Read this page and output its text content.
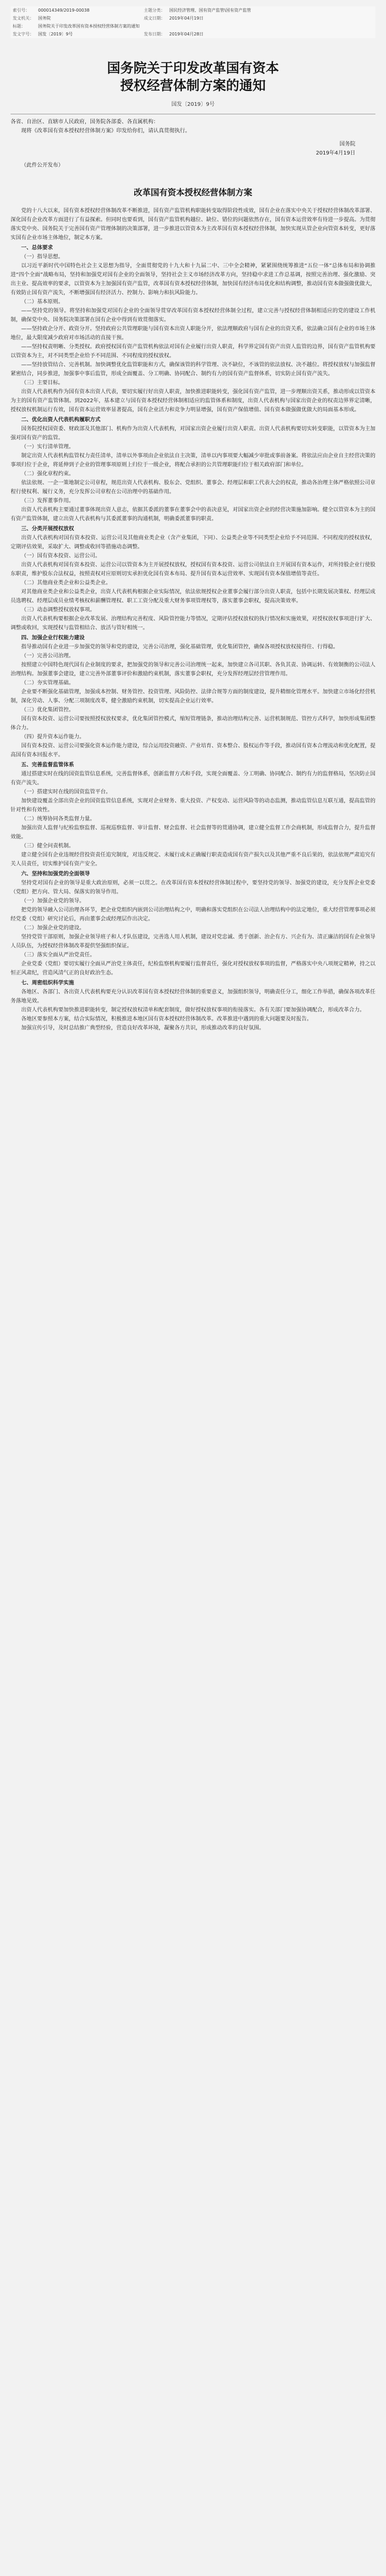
索引号：	000014349/2019-00038	主题分类：	国民经济管理、国有资产监管\国有资产监管
发文机关：	国务院	成文日期：	2019年04月19日
标题：	国务院关于印发改革国有资本授权经营体制方案的通知		
发文字号：	国发〔2019〕9号	发布日期：	2019年04月28日
国务院关于印发改革国有资本
授权经营体制方案的通知
国发〔2019〕9号
各省、自治区、直辖市人民政府，国务院各部委、各直属机构：
现将《改革国有资本授权经营体制方案》印发给你们，请认真贯彻执行。
国务院
2019年4月19日
（此件公开发布）
改革国有资本授权经营体制方案
党的十八大以来，国有资本授权经营体制改革不断推进，国有资产监管机构职能转变取得阶段性成效，国有企业在落实中央关于授权经营体制改革部署、深化国有企业改革方面进行了有益探索。但同时也要看到，国有资产监管机构越位、缺位、错位的问题依然存在，国有资本运营效率有待进一步提高。为贯彻落实党中央、国务院关于完善国有资产管理体制的决策部署，进一步推进以管资本为主改革国有资本授权经营体制，加快实现从管企业向管资本转变，更好落实国有企业市场主体地位，制定本方案。
一、总体要求
（一）指导思想。
以习近平新时代中国特色社会主义思想为指导，全面贯彻党的十九大和十九届二中、三中全会精神，紧紧围绕统筹推进“五位一体”总体布局和协调推进“四个全面”战略布局，坚持和加强党对国有企业的全面领导，坚持社会主义市场经济改革方向，坚持稳中求进工作总基调，按照完善治理、强化激励、突出主业、提高效率的要求，以管资本为主加强国有资产监管，改革国有资本授权经营体制，加快国有经济布局优化和结构调整，推动国有资本做强做优做大，有效防止国有资产流失，不断增强国有经济活力、控制力、影响力和抗风险能力。
（二）基本原则。
——坚持党的领导。将坚持和加强党对国有企业的全面领导贯穿改革国有资本授权经营体制全过程，建立完善与授权经营体制相适应的党的建设工作机制，确保党中央、国务院决策部署在国有企业中得到有效贯彻落实。
——坚持政企分开、政资分开。坚持政府公共管理职能与国有资本出资人职能分开，依法理顺政府与国有企业的出资关系，依法确立国有企业的市场主体地位，最大限度减少政府对市场活动的直接干预。
——坚持权责明晰、分类授权。政府授权国有资产监管机构依法对国有企业履行出资人职责，科学界定国有资产出资人监管的边界，国有资产监管机构要以管资本为主，对不同类型企业给予不同范围、不同程度的授权放权。
——坚持放管结合、完善机制。加快调整优化监管职能和方式，确保该管的科学管理、决不缺位，不该管的依法放权、决不越位。将授权放权与加强监督紧密结合，同步推进，加强事中事后监管，形成全面覆盖、分工明确、协同配合、制约有力的国有资产监督体系，切实防止国有资产流失。
（三）主要目标。
出资人代表机构作为国有资本出资人代表，要切实履行好出资人职责，加快推进职能转变，强化国有资产监管，进一步理顺出资关系，推动形成以管资本为主的国有资产监管体制。到2022年，基本建立与国有资本授权经营体制相适应的监管体系和制度，出资人代表机构与国家出资企业的权责边界界定清晰，授权放权机制运行有效，国有资本运营效率显著提高，国有企业活力和竞争力明显增强，国有资产保值增值、国有资本做强做优做大的局面基本形成。
二、优化出资人代表机构履职方式
国务院授权国资委、财政部及其他部门、机构作为出资人代表机构，对国家出资企业履行出资人职责。出资人代表机构要切实转变职能，以管资本为主加强对国有资产的监管。
（一）实行清单管理。
制定出资人代表机构监管权力责任清单，清单以外事项由企业依法自主决策，清单以内事项要大幅减少审批或事前备案。将依法应由企业自主经营决策的事项归位于企业，将延伸到子企业的管理事项原则上归位于一级企业，将配合承担的公共管理职能归位于相关政府部门和单位。
（二）强化章程约束。
依法依规、一企一策地制定公司章程，规范出资人代表机构、股东会、党组织、董事会、经理层和职工代表大会的权责，推动各治理主体严格依照公司章程行使权利、履行义务，充分发挥公司章程在公司治理中的基础作用。
（三）发挥董事作用。
出资人代表机构主要通过董事体现出资人意志，依据其委派的董事在董事会中的表决意见，对国家出资企业的经营决策施加影响。健全以管资本为主的国有资产监管体制，建立出资人代表机构与其委派董事的沟通机制，明确委派董事的职责。
三、分类开展授权放权
出资人代表机构对国有资本投资、运营公司及其他商业类企业（含产业集团，下同）、公益类企业等不同类型企业给予不同范围、不同程度的授权放权，定期评估效果，采取扩大、调整或收回等措施动态调整。
（一）国有资本投资、运营公司。
出资人代表机构对国有资本投资、运营公司以管资本为主开展授权放权，授权国有资本投资、运营公司依法自主开展国有资本运作，对所持股企业行使股东职责，维护股东合法权益，按照责权对应原则切实承担优化国有资本布局、提升国有资本运营效率、实现国有资本保值增值等责任。
（二）其他商业类企业和公益类企业。
对其他商业类企业和公益类企业，出资人代表机构根据企业实际情况，依法依规授权企业董事会履行部分出资人职责，包括中长期发展决策权、经理层成员选聘权、经理层成员业绩考核权和薪酬管理权、职工工资分配及重大财务事项管理权等，落实董事会职权，提高决策效率。
（三）动态调整授权放权事项。
出资人代表机构要根据企业改革发展、治理结构完善程度、风险管控能力等情况，定期评估授权放权的执行情况和实施效果，对授权放权事项进行扩大、调整或收回，实现授权与监管相结合、放活与管好相统一。
四、加强企业行权能力建设
指导推动国有企业进一步加强党的领导和党的建设，完善公司治理，强化基础管理，优化集团管控，确保各项授权放权接得住、行得稳。
（一）完善公司治理。
按照建立中国特色现代国有企业制度的要求，把加强党的领导和完善公司治理统一起来，加快建立各司其职、各负其责、协调运转、有效制衡的公司法人治理结构。加强董事会建设，建立完善外部董事评价和激励约束机制，落实董事会职权，充分发挥经理层经营管理作用。
（二）夯实管理基础。
企业要不断强化基础管理，加强成本控制、财务管控、投资管理、风险防控、法律合规等方面的制度建设，提升精细化管理水平。加快建立市场化经营机制，深化劳动、人事、分配三项制度改革，健全激励约束机制，切实提高企业运行效率。
（三）优化集团管控。
国有资本投资、运营公司要按照授权放权要求，优化集团管控模式，缩短管理链条，推动治理结构完善、运营机制规范、管控方式科学，加快形成集团整体合力。
（四）提升资本运作能力。
国有资本投资、运营公司要强化资本运作能力建设，综合运用投资融资、产业培育、资本整合、股权运作等手段，推动国有资本合理流动和优化配置，提高国有资本回报水平。
五、完善监督监管体系
通过搭建实时在线的国资监管信息系统，完善监督体系，创新监督方式和手段，实现全面覆盖、分工明确、协同配合、制约有力的监督格局，坚决防止国有资产流失。
（一）搭建实时在线的国资监管平台。
加快建设覆盖全部出资企业的国资监管信息系统，实现对企业财务、重大投资、产权变动、运营风险等的动态监测，推动监管信息互联互通，提高监管的针对性和有效性。
（二）统筹协同各类监督力量。
加强出资人监督与纪检监察监督、巡视巡察监督、审计监督、财会监督、社会监督等的贯通协调，建立健全监督工作会商机制，形成监督合力，提升监督效能。
（三）健全问责机制。
建立健全国有企业违规经营投资责任追究制度，对违反规定、未履行或未正确履行职责造成国有资产损失以及其他严重不良后果的，依法依规严肃追究有关人员责任，切实维护国有资产安全。
六、坚持和加强党的全面领导
坚持党对国有企业的领导是重大政治原则，必须一以贯之。在改革国有资本授权经营体制过程中，要坚持党的领导、加强党的建设，充分发挥企业党委（党组）把方向、管大局、保落实的领导作用。
（一）加强企业党的领导。
把党的领导融入公司治理各环节，把企业党组织内嵌到公司治理结构之中，明确和落实党组织在公司法人治理结构中的法定地位，重大经营管理事项必须经党委（党组）研究讨论后，再由董事会或经理层作出决定。
（二）加强企业党的建设。
坚持党管干部原则，加强企业领导班子和人才队伍建设，完善选人用人机制，建设对党忠诚、勇于创新、治企有方、兴企有为、清正廉洁的国有企业领导人员队伍，为授权经营体制改革提供坚强组织保证。
（三）落实全面从严治党责任。
企业党委（党组）要切实履行全面从严治党主体责任，纪检监察机构要履行监督责任，强化对授权放权事项的监督，严格落实中央八项规定精神，持之以恒正风肃纪，营造风清气正的良好政治生态。
七、周密组织科学实施
各地区、各部门、各出资人代表机构要充分认识改革国有资本授权经营体制的重要意义，加强组织领导，明确责任分工，细化工作举措，确保各项改革任务落地见效。
出资人代表机构要加快推进职能转变，制定授权放权清单和配套制度，做好授权放权事项的衔接落实。各有关部门要加强协调配合，形成改革合力。
各地区要参照本方案，结合实际情况，积极推进本地区国有资本授权经营体制改革。改革推进中遇到的重大问题要及时报告。
加强宣传引导，及时总结推广典型经验，营造良好改革环境，凝聚各方共识，形成推动改革的良好氛围。
